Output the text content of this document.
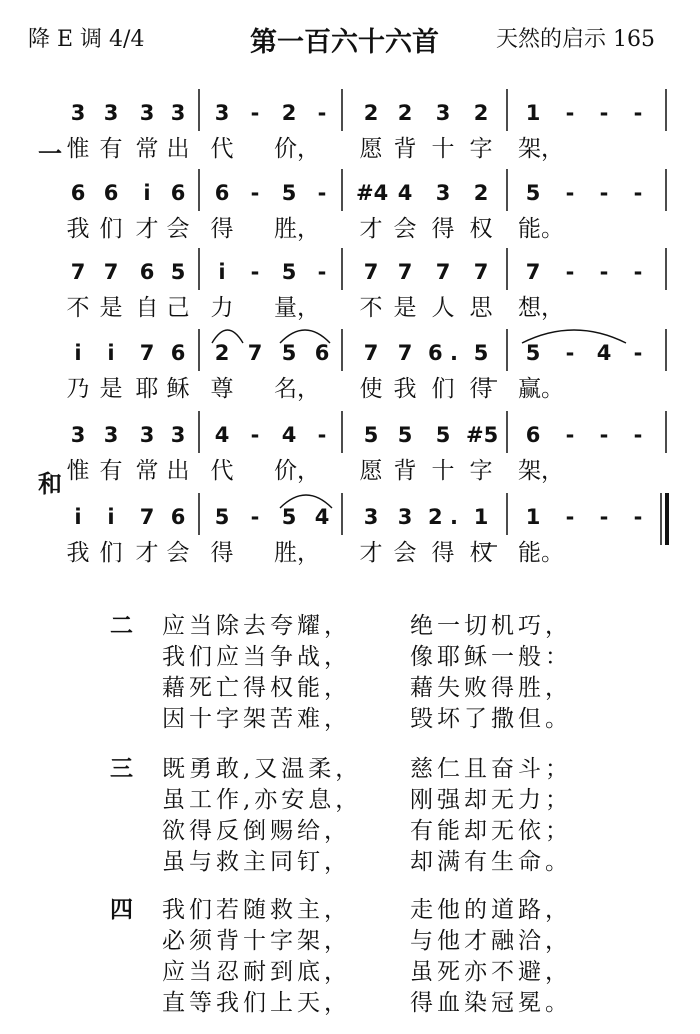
降 E 调 4/4	第一百六十六首	天然的启示 165
3 3	3 3	3	-	2	-	2 2	3	2	1	-	-	-
惟 有 常 出 代 价， 愿 背 十 字 架，
6 6	i 6	6	-	5	-	#4 4	3	2	5	-	-	-
我 们 才 会 得 胜， 才 会 得 权 能。
7 7	6 5	i	-	5	-	7 7	7	7	7	-	-	-
不 是 自 己 力 量， 不 是 人 思 想，
i	i	7 6	2 7 5 6	7 7 6 . 5	5	-	4	-
乃 是 耶 稣 尊 名， 使 我 们 得 赢。
3 3	3 3	4	-	4	-	5 5	5 #5	6	-	-	-
惟 有 常 出 代 价， 愿 背 十 字 架，
i	i	7 6	5	-	5 4	3 3 2 . 1	1	-	-	-
我 们 才 会 得 胜， 才 会 得 权 能。
一
和
二 应当除去夸耀，	绝一切机巧，
我们应当争战，	像耶稣一般：
藉死亡得权能，	藉失败得胜，
因十字架苦难，	毁坏了撒但。
三 既勇敢,又温柔， 慈仁且奋斗；
虽工作,亦安息， 刚强却无力；
欲得反倒赐给，	有能却无依；
虽与救主同钉，	却满有生命。
四 我们若随救主，	走他的道路，
必须背十字架，	与他才融洽，
应当忍耐到底，	虽死亦不避，
直等我们上天，	得血染冠冕。
